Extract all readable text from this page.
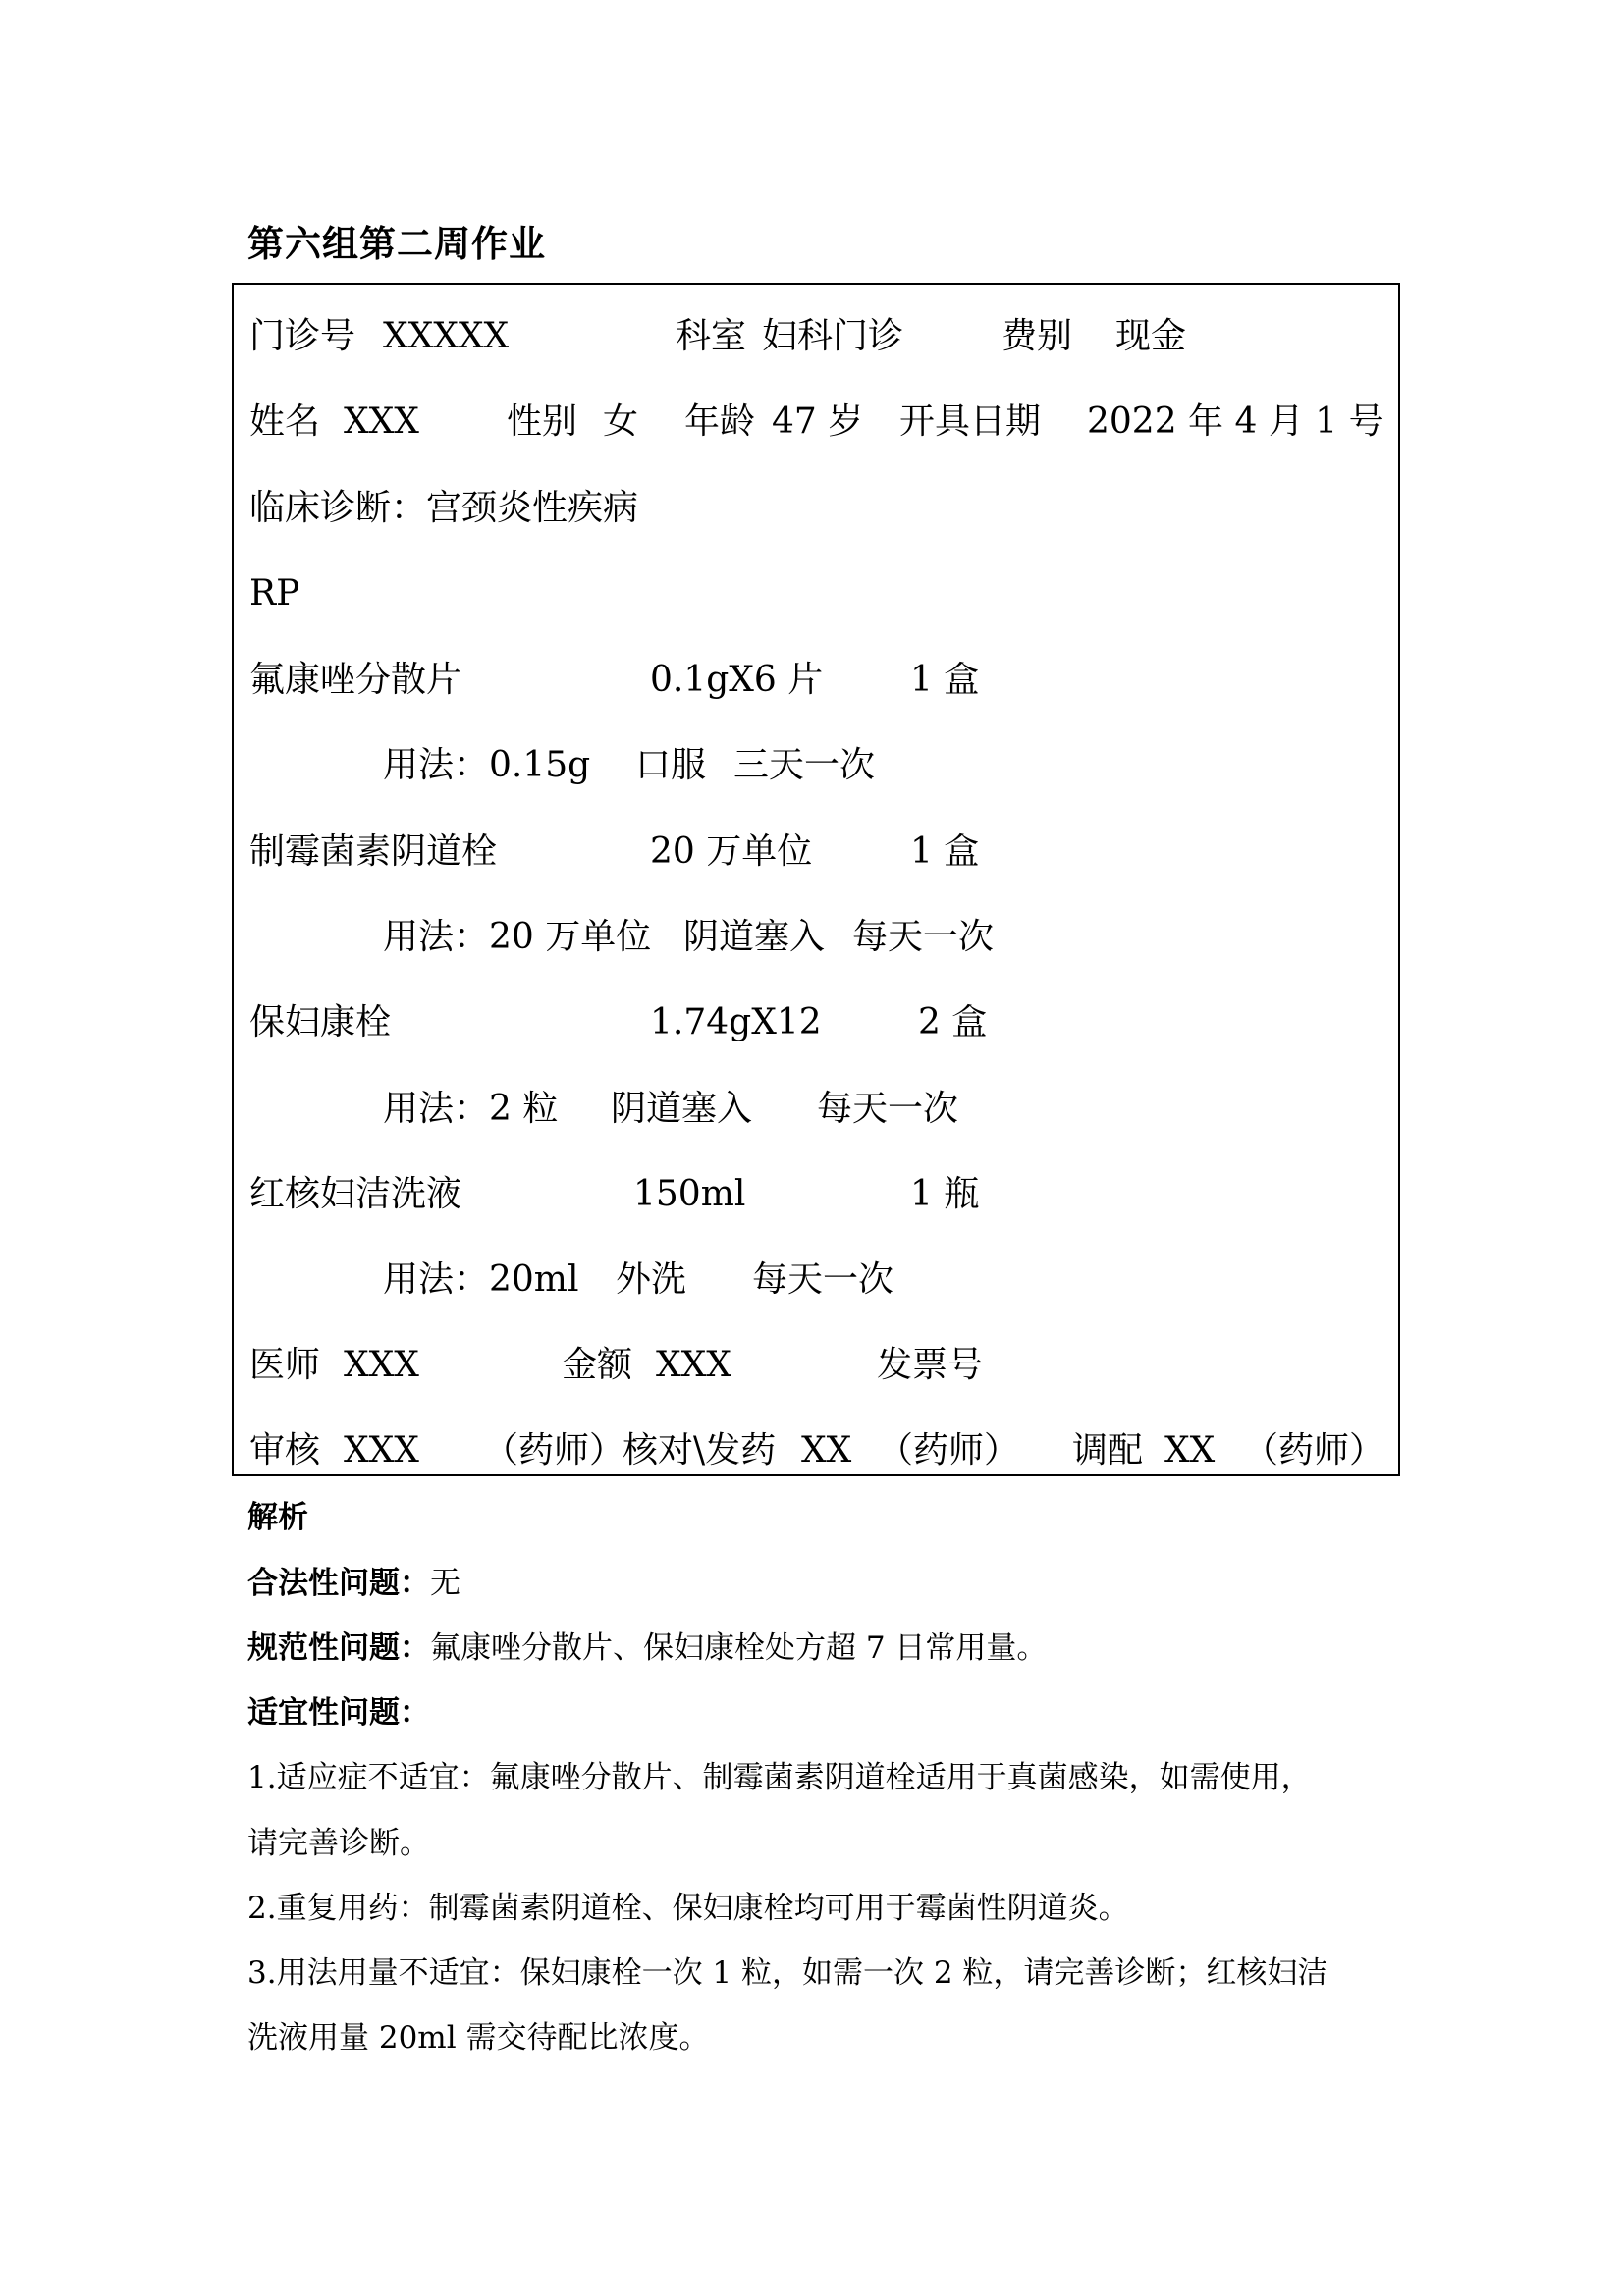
第六组第二周作业
门诊号 XXXXX	科室 妇科门诊	费别 现金
姓名 XXX 性别 女 年龄 47 岁 开具日期 2022 年 4 月 1 号
临床诊断：宫颈炎性疾病
RP
氟康唑分散片	0.1gX6 片 1 盒
用法：0.15g 口服 三天一次
制霉菌素阴道栓	20 万单位	1 盒
用法：20 万单位 阴道塞入 每天一次
保妇康栓	1.74gX12	2 盒
用法：2 粒 阴道塞入 每天一次
红核妇洁洗液	150ml	1 瓶
用法：20ml 外洗 每天一次
医师 XXX	金额 XXX	发票号
审核 XXX （药师）
核对\发药 XX （药师） 调配 XX （药师）
解析
合法性问题：无
规范性问题：氟康唑分散片、保妇康栓处方超 7 日常用量。
适宜性问题：
1.适应症不适宜：氟康唑分散片、制霉菌素阴道栓适用于真菌感染，如需使用，
请完善诊断。
2.重复用药：制霉菌素阴道栓、保妇康栓均可用于霉菌性阴道炎。
3.用法用量不适宜：保妇康栓一次 1 粒，如需一次 2 粒，请完善诊断；红核妇洁
洗液用量 20ml 需交待配比浓度。
